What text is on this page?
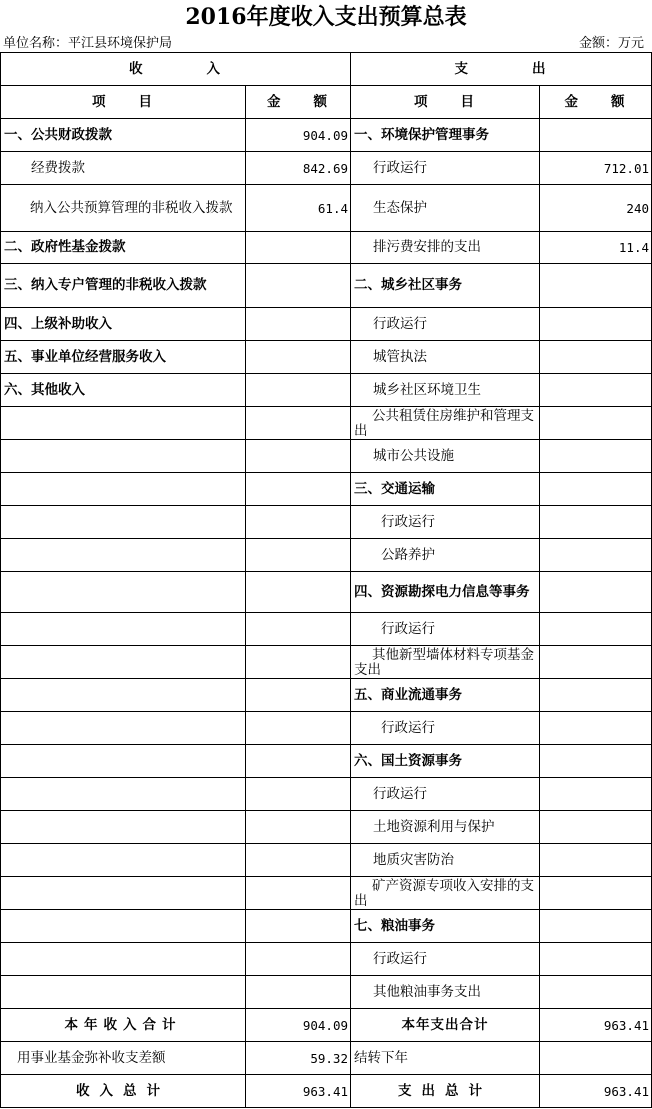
2016年度收入支出预算总表
单位名称：平江县环境保护局	金额：万元
收　　　　入		支　　　　出	
项　　目	金　　额	项　　目	金　　额
一、公共财政拨款	904.09	一、环境保护管理事务	
经费拨款	842.69	行政运行	712.01

纳入公共预算管理的非税收入拨款	61.4	生态保护	240
二、政府性基金拨款		排污费安排的支出	11.4

三、纳入专户管理的非税收入拨款		二、城乡社区事务	
四、上级补助收入		行政运行	
五、事业单位经营服务收入		城管执法	
六、其他收入		城乡社区环境卫生	

		公共租赁住房维护和管理支出	

		城市公共设施	
		三、交通运输	
		行政运行	
		公路养护	

		四、资源勘探电力信息等事务	

		行政运行	

		其他新型墙体材料专项基金支出	

		五、商业流通事务	
		行政运行	
		六、国土资源事务	
		行政运行	
		土地资源利用与保护	
		地质灾害防治	

		矿产资源专项收入安排的支出	

		七、粮油事务	
		行政运行	
		其他粮油事务支出	
本年收入合计	904.09	本年支出合计	963.41
用事业基金弥补收支差额	59.32	结转下年	
收入总计	963.41	支出总计	963.41
